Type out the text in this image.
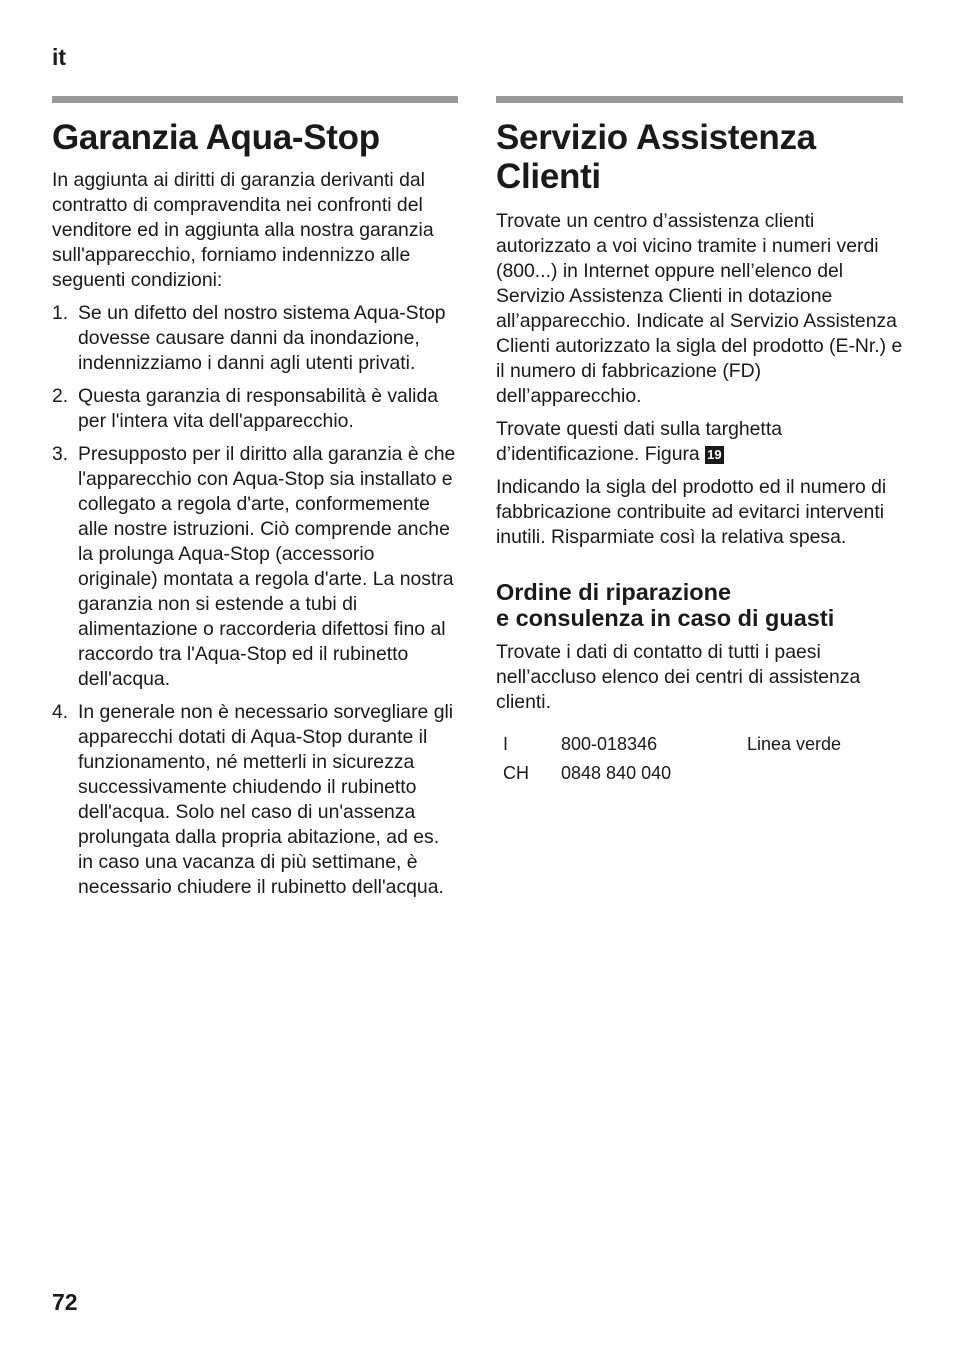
it
Garanzia Aqua-Stop

In aggiunta ai diritti di garanzia derivanti dal contratto di compravendita nei confronti del venditore ed in aggiunta alla nostra garanzia sull'apparecchio, forniamo indennizzo alle seguenti condizioni:

1. Se un difetto del nostro sistema Aqua-Stop dovesse causare danni da inondazione, indennizziamo i danni agli utenti privati.
2. Questa garanzia di responsabilità è valida per l'intera vita dell'apparecchio.
3. Presupposto per il diritto alla garanzia è che l'apparecchio con Aqua-Stop sia installato e collegato a regola d'arte, conformemente alle nostre istruzioni. Ciò comprende anche la prolunga Aqua-Stop (accessorio originale) montata a regola d'arte. La nostra garanzia non si estende a tubi di alimentazione o raccorderia difettosi fino al raccordo tra l'Aqua-Stop ed il rubinetto dell'acqua.
4. In generale non è necessario sorvegliare gli apparecchi dotati di Aqua-Stop durante il funzionamento, né metterli in sicurezza successivamente chiudendo il rubinetto dell'acqua. Solo nel caso di un'assenza prolungata dalla propria abitazione, ad es. in caso una vacanza di più settimane, è necessario chiudere il rubinetto dell'acqua.
Servizio Assistenza
Clienti

Trovate un centro d’assistenza clienti autorizzato a voi vicino tramite i numeri verdi (800...) in Internet oppure nell’elenco del Servizio Assistenza Clienti in dotazione all’apparecchio. Indicate al Servizio Assistenza Clienti autorizzato la sigla del prodotto (E-Nr.) e il numero di fabbricazione (FD) dell’apparecchio.

Trovate questi dati sulla targhetta d’identificazione. Figura 19

Indicando la sigla del prodotto ed il numero di fabbricazione contribuite ad evitarci interventi inutili. Risparmiate così la relativa spesa.

Ordine di riparazione
e consulenza in caso di guasti

Trovate i dati di contatto di tutti i paesi nell’accluso elenco dei centri di assistenza clienti.

I	800-018346	Linea verde
CH	0848 840 040
72
